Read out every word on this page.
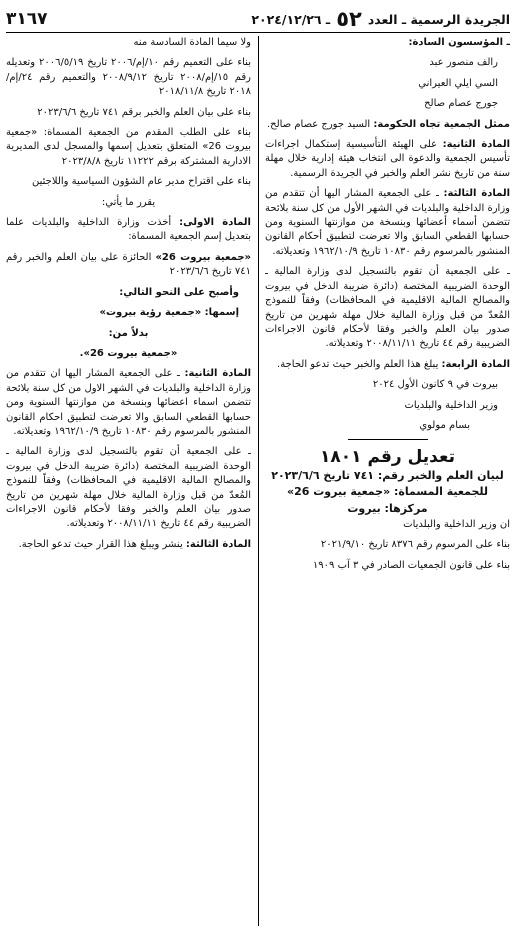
الجريدة الرسمية ـ العدد
٥٢
ـ ٢٠٢٤/١٢/٢٦
٣١٦٧

ـ المؤسسون السادة:

رالف منصور عبد

السي ايلي العيراني

جورج عصام صالح

ممثل الجمعية تجاه الحكومة: السيد جورج عصام صالح.

المادة الثانية: على الهيئة التأسيسية إستكمال اجراءات تأسيس الجمعية والدعوة الى انتخاب هيئة إدارية خلال مهلة سنة من تاريخ نشر العلم والخبر في الجريدة الرسمية.

المادة الثالثة: ـ على الجمعية المشار اليها أن تتقدم من وزارة الداخلية والبلديات في الشهر الأول من كل سنة بلائحة تتضمن أسماء أعضائها وبنسخة من موازنتها السنوية ومن حسابها القطعي السابق والا تعرضت لتطبيق أحكام القانون المنشور بالمرسوم رقم ١٠٨٣٠ تاريخ ١٩٦٢/١٠/٩ وتعديلاته.

ـ على الجمعية أن تقوم بالتسجيل لدى وزارة المالية ـ الوحدة الضريبية المختصة (دائرة ضريبة الدخل في بيروت والمصالح المالية الاقليمية في المحافظات) وفقاً للنموذج المُعدّ من قبل وزارة المالية خلال مهلة شهرين من تاريخ صدور بيان العلم والخبر وفقا لأحكام قانون الاجراءات الضريبية رقم ٤٤ تاريخ ٢٠٠٨/١١/١١ وتعديلاته.

المادة الرابعة: يبلغ هذا العلم والخبر حيث تدعو الحاجة.

بيروت في ٩ كانون الأول ٢٠٢٤

وزير الداخلية والبلديات

بسام مولوي

تعديل رقم ١٨٠١

لبيان العلم والخبر رقم: ٧٤١ تاريخ ٢٠٢٣/٦/٦

للجمعية المسماة: «جمعية بيروت 26»

مركزها: بيروت

ان وزير الداخلية والبلديات

بناء على المرسوم رقم ٨٣٧٦ تاريخ ٢٠٢١/٩/١٠

بناء على قانون الجمعيات الصادر في ٣ آب ١٩٠٩

ولا سيما المادة السادسة منه

بناء على التعميم رقم ١٠/إم/٢٠٠٦ تاريخ ٢٠٠٦/٥/١٩ وتعديله رقم ١٥/إم/٢٠٠٨ تاريخ ٢٠٠٨/٩/١٢ والتعميم رقم ٢٤/إم/٢٠١٨ تاريخ ٢٠١٨/١١/٨

بناء على بيان العلم والخبر برقم ٧٤١ تاريخ ٢٠٢٣/٦/٦

بناء على الطلب المقدم من الجمعية المسماة: «جمعية بيروت 26» المتعلق بتعديل إسمها والمسجل لدى المديرية الادارية المشتركة برقم ١١٢٢٢ تاريخ ٢٠٢٣/٨/٨

بناء على اقتراح مدير عام الشؤون السياسية واللاجئين

يقرر ما يأتي:

المادة الاولى: أخذت وزارة الداخلية والبلديات علما بتعديل إسم الجمعية المسماة:

«جمعية بيروت 26» الحائزة على بيان العلم والخبر رقم ٧٤١ تاريخ ٢٠٢٣/٦/٦

وأصبح على النحو التالي:

إسمها: «جمعية رؤية بيروت»

بدلاً من:

«جمعية بيروت 26».

المادة الثانية: ـ على الجمعية المشار اليها ان تتقدم من وزارة الداخلية والبلديات في الشهر الاول من كل سنة بلائحة تتضمن اسماء اعضائها وبنسخة من موازنتها السنوية ومن حسابها القطعي السابق والا تعرضت لتطبيق احكام القانون المنشور بالمرسوم رقم ١٠٨٣٠ تاريخ ١٩٦٢/١٠/٩ وتعديلاته.

ـ على الجمعية أن تقوم بالتسجيل لدى وزارة المالية ـ الوحدة الضريبية المختصة (دائرة ضريبة الدخل في بيروت والمصالح المالية الاقليمية في المحافظات) وفقاً للنموذج المُعدّ من قبل وزارة المالية خلال مهلة شهرين من تاريخ صدور بيان العلم والخبر وفقا لأحكام قانون الاجراءات الضريبية رقم ٤٤ تاريخ ٢٠٠٨/١١/١١ وتعديلاته.

المادة الثالثة: ينشر ويبلغ هذا القرار حيث تدعو الحاجة.
